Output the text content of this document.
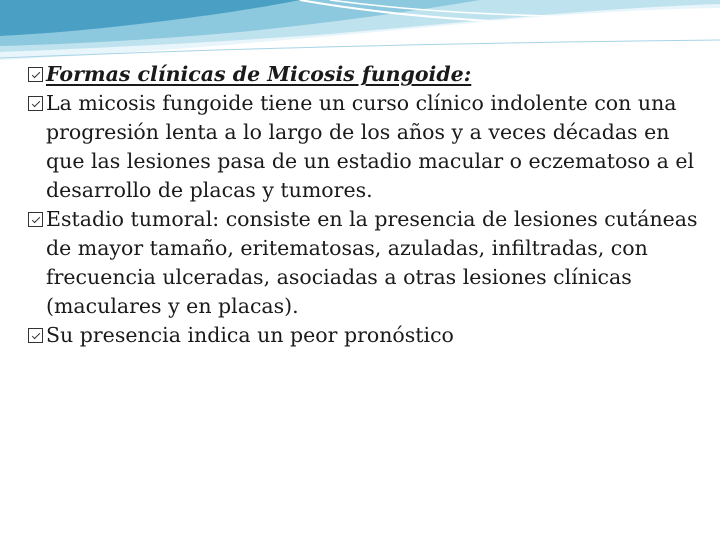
Formas clínicas de Micosis fungoide:
La micosis fungoide tiene un curso clínico indolente con una progresión lenta a lo largo de los años y a veces décadas en que las lesiones pasa de un estadio macular o eczematoso a el desarrollo de placas y tumores.
Estadio tumoral: consiste en la presencia de lesiones cutáneas de mayor tamaño, eritematosas, azuladas, infiltradas, con frecuencia ulceradas, asociadas a otras lesiones clínicas (maculares y en placas).
Su presencia indica un peor pronóstico
